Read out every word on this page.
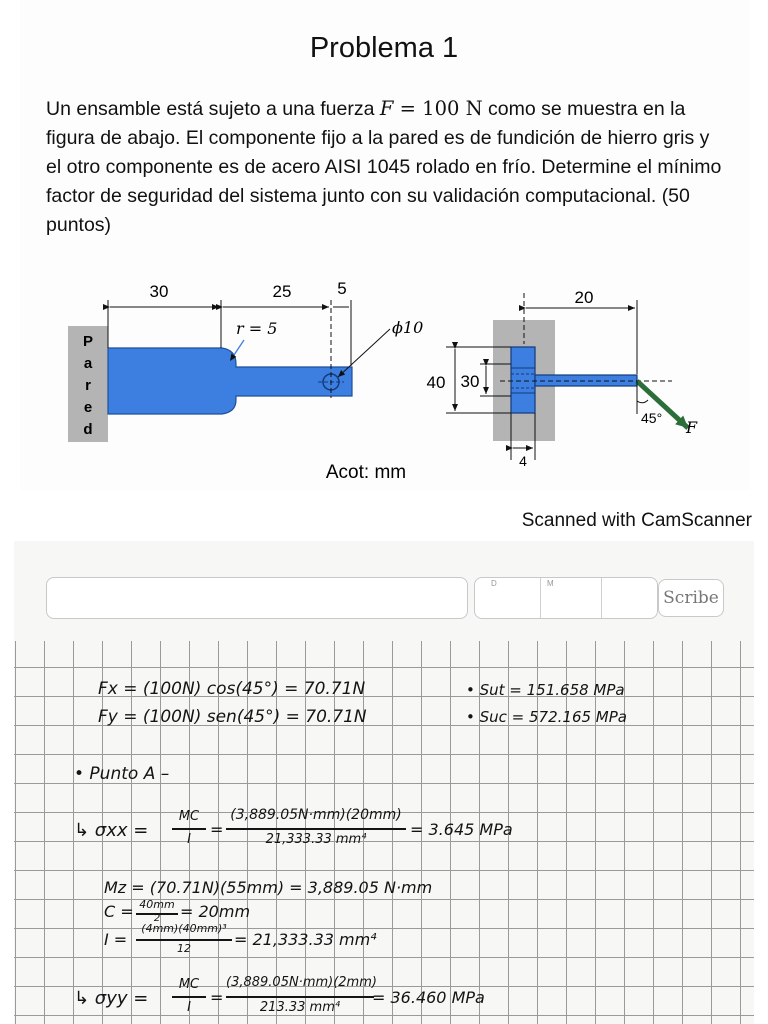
Problema 1
Un ensamble está sujeto a una fuerza F = 100 N como se muestra en la figura de abajo. El componente fijo a la pared es de fundición de hierro gris y el otro componente es de acero AISI 1045 rolado en frío. Determine el mínimo factor de seguridad del sistema junto con su validación computacional. (50 puntos)
P
a
r
e
d
30	25	5
r = 5	ϕ10
45° F
20
40 30
4
Acot: mm
Scanned with CamScanner
D	M
Scribe
Fx = (100N) cos(45°) = 70.71N
Fy = (100N) sen(45°) = 70.71N
• Sut = 151.658 MPa
• Suc = 572.165 MPa
• Punto A –
↳ σxx =
MC
I
=
(3,889.05N·mm)(20mm)
21,333.33 mm⁴
= 3.645 MPa
Mz = (70.71N)(55mm) = 3,889.05 N·mm
C = 40mm
2	= 20mm
I =
(4mm)(40mm)³
12	= 21,333.33 mm⁴
↳ σyy =
MC
I
=
(3,889.05N·mm)(2mm)
213.33 mm⁴
= 36.460 MPa
